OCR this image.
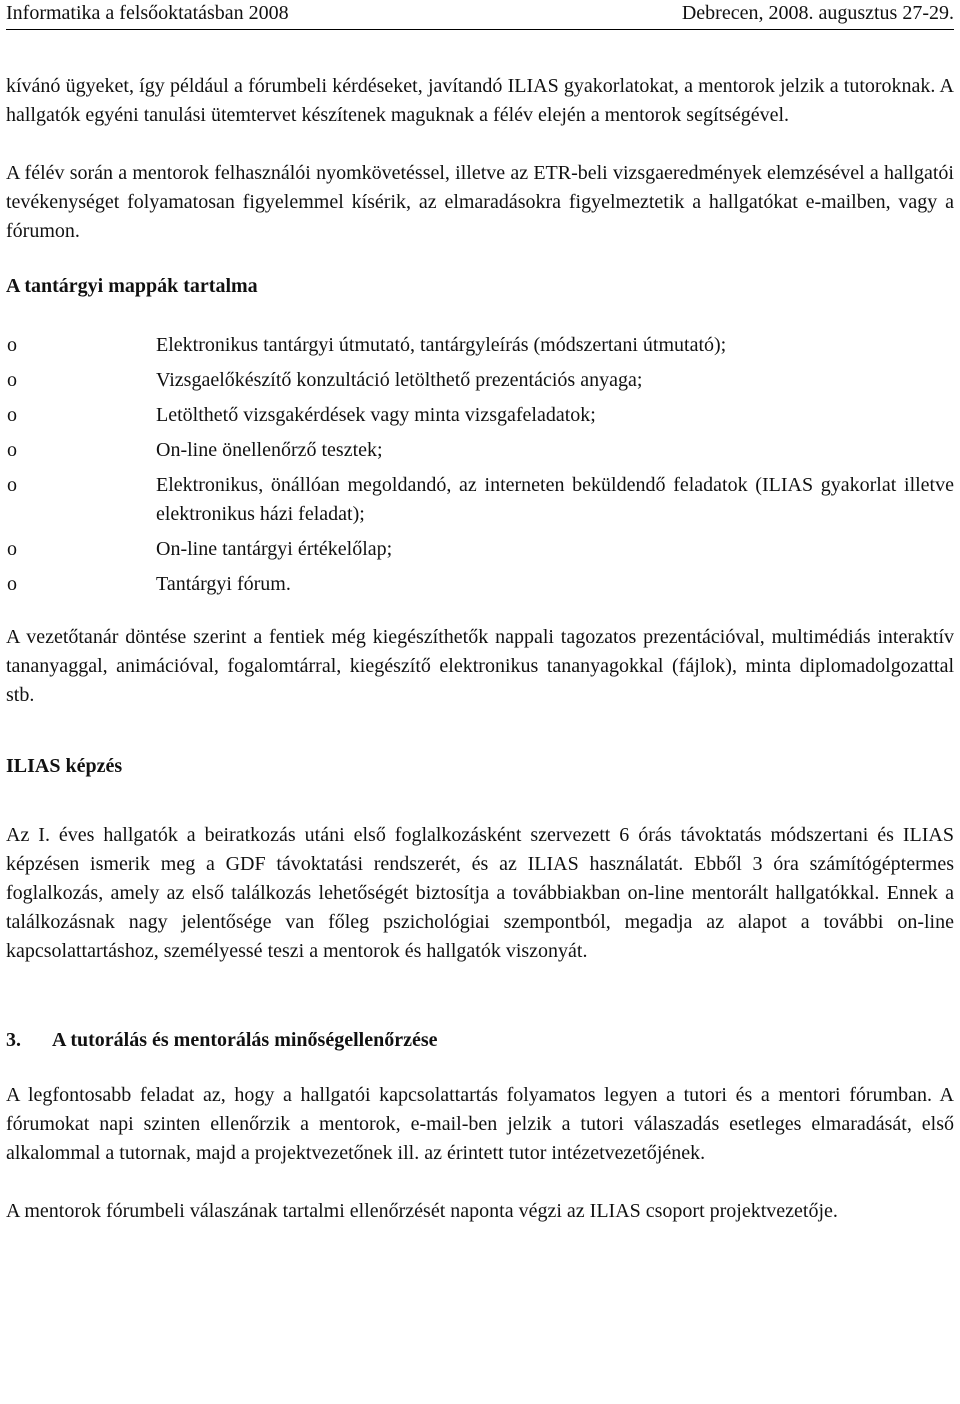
Informatika a felsőoktatásban 2008	Debrecen, 2008. augusztus 27-29.

kívánó ügyeket, így például a fórumbeli kérdéseket, javítandó ILIAS gyakorlatokat, a mentorok jelzik a tutoroknak. A hallgatók egyéni tanulási ütemtervet készítenek maguknak a félév elején a mentorok segítségével.

A félév során a mentorok felhasználói nyomkövetéssel, illetve az ETR-beli vizsgaeredmények elemzésével a hallgatói tevékenységet folyamatosan figyelemmel kísérik, az elmaradásokra figyelmeztetik a hallgatókat e-mailben, vagy a fórumon.

A tantárgyi mappák tartalma
o	Elektronikus tantárgyi útmutató, tantárgyleírás (módszertani útmutató);
o	Vizsgaelőkészítő konzultáció letölthető prezentációs anyaga;
o	Letölthető vizsgakérdések vagy minta vizsgafeladatok;
o	On-line önellenőrző tesztek;
o	Elektronikus, önállóan megoldandó, az interneten beküldendő feladatok (ILIAS gyakorlat illetve elektronikus házi feladat);
o	On-line tantárgyi értékelőlap;
o	Tantárgyi fórum.

A vezetőtanár döntése szerint a fentiek még kiegészíthetők nappali tagozatos prezentációval, multimédiás interaktív tananyaggal, animációval, fogalomtárral, kiegészítő elektronikus tananyagokkal (fájlok), minta diplomadolgozattal stb.

ILIAS képzés

Az I. éves hallgatók a beiratkozás utáni első foglalkozásként szervezett 6 órás távoktatás módszertani és ILIAS képzésen ismerik meg a GDF távoktatási rendszerét, és az ILIAS használatát. Ebből 3 óra számítógéptermes foglalkozás, amely az első találkozás lehetőségét biztosítja a továbbiakban on-line mentorált hallgatókkal. Ennek a találkozásnak nagy jelentősége van főleg pszichológiai szempontból, megadja az alapot a további on-line kapcsolattartáshoz, személyessé teszi a mentorok és hallgatók viszonyát.

3.	A tutorálás és mentorálás minőségellenőrzése

A legfontosabb feladat az, hogy a hallgatói kapcsolattartás folyamatos legyen a tutori és a mentori fórumban. A fórumokat napi szinten ellenőrzik a mentorok, e-mail-ben jelzik a tutori válaszadás esetleges elmaradását, első alkalommal a tutornak, majd a projektvezetőnek ill. az érintett tutor intézetvezetőjének.

A mentorok fórumbeli válaszának tartalmi ellenőrzését naponta végzi az ILIAS csoport projektvezetője.
